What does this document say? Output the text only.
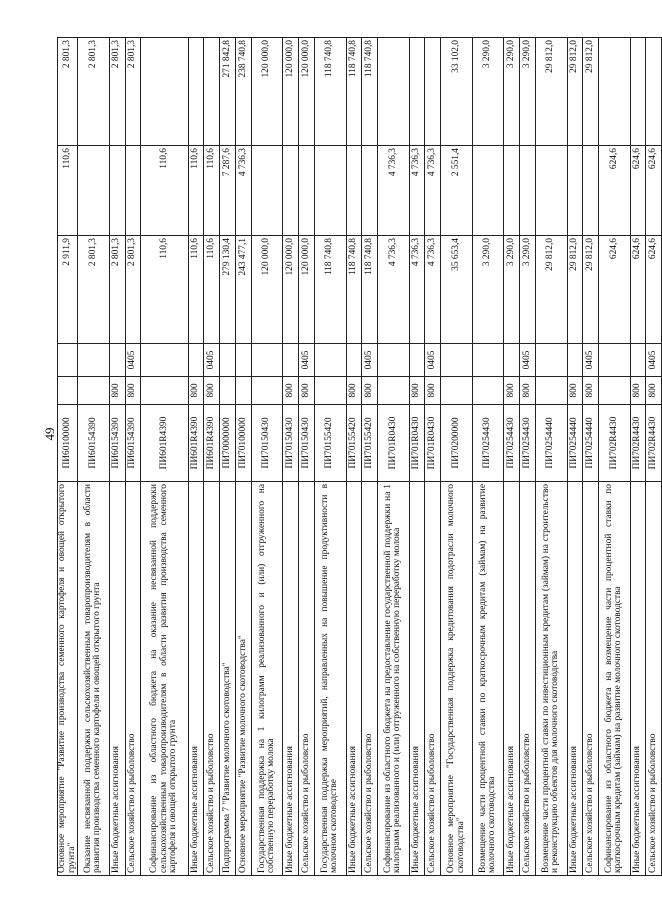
49
Основное мероприятие "Развитие производства семенного картофеля и овощей открытого грунта"	ПИ60100000			2 911,9	110,6	2 801,3
Оказание несвязанной поддержки сельскохозяйственным товаропроизводителям в области развития производства семенного картофеля и овощей открытого грунта	ПИ60154390			2 801,3		2 801,3
Иные бюджетные ассигнования	ПИ60154390	800		2 801,3		2 801,3
Сельское хозяйство и рыболовство	ПИ60154390	800	0405	2 801,3		2 801,3
Софинансирование из областного бюджета на оказание несвязанной поддержки сельскохозяйственным товаропроизводителям в области развития производства семенного картофеля и овощей открытого грунта	ПИ601R4390			110,6	110,6	
Иные бюджетные ассигнования	ПИ601R4390	800		110,6	110,6	
Сельское хозяйство и рыболовство	ПИ601R4390	800	0405	110,6	110,6	
Подпрограмма 7 "Развитие молочного скотоводства"	ПИ70000000			279 130,4	7 287,6	271 842,8
Основное мероприятие "Развитие молочного скотоводства"	ПИ70100000			243 477,1	4 736,3	238 740,8
Государственная поддержка на 1 килограмм реализованного и (или) отгруженного на собственную переработку молока	ПИ70150430			120 000,0		120 000,0
Иные бюджетные ассигнования	ПИ70150430	800		120 000,0		120 000,0
Сельское хозяйство и рыболовство	ПИ70150430	800	0405	120 000,0		120 000,0
Государственная поддержка мероприятий, направленных на повышение продуктивности в молочном скотоводстве	ПИ70155420			118 740,8		118 740,8
Иные бюджетные ассигнования	ПИ70155420	800		118 740,8		118 740,8
Сельское хозяйство и рыболовство	ПИ70155420	800	0405	118 740,8		118 740,8
Софинансирование из областного бюджета на предоставление государственной поддержки на 1 килограмм реализованного и (или) отгруженного на собственную переработку молока	ПИ701R0430			4 736,3	4 736,3	
Иные бюджетные ассигнования	ПИ701R0430	800		4 736,3	4 736,3	
Сельское хозяйство и рыболовство	ПИ701R0430	800	0405	4 736,3	4 736,3	
Основное мероприятие "Государственная поддержка кредитования подотрасли молочного скотоводства"	ПИ70200000			35 653,4	2 551,4	33 102,0
Возмещение части процентной ставки по краткосрочным кредитам (займам) на развитие молочного скотоводства	ПИ70254430			3 290,0		3 290,0
Иные бюджетные ассигнования	ПИ70254430	800		3 290,0		3 290,0
Сельское хозяйство и рыболовство	ПИ70254430	800	0405	3 290,0		3 290,0
Возмещение части процентной ставки по инвестиционным кредитам (займам) на строительство и реконструкцию объектов для молочного скотоводства	ПИ70254440			29 812,0		29 812,0
Иные бюджетные ассигнования	ПИ70254440	800		29 812,0		29 812,0
Сельское хозяйство и рыболовство	ПИ70254440	800	0405	29 812,0		29 812,0
Софинансирование из областного бюджета на возмещение части процентной ставки по краткосрочным кредитам (займам) на развитие молочного скотоводства	ПИ702R4430			624,6	624,6	
Иные бюджетные ассигнования	ПИ702R4430	800		624,6	624,6	
Сельское хозяйство и рыболовство	ПИ702R4430	800	0405	624,6	624,6	
